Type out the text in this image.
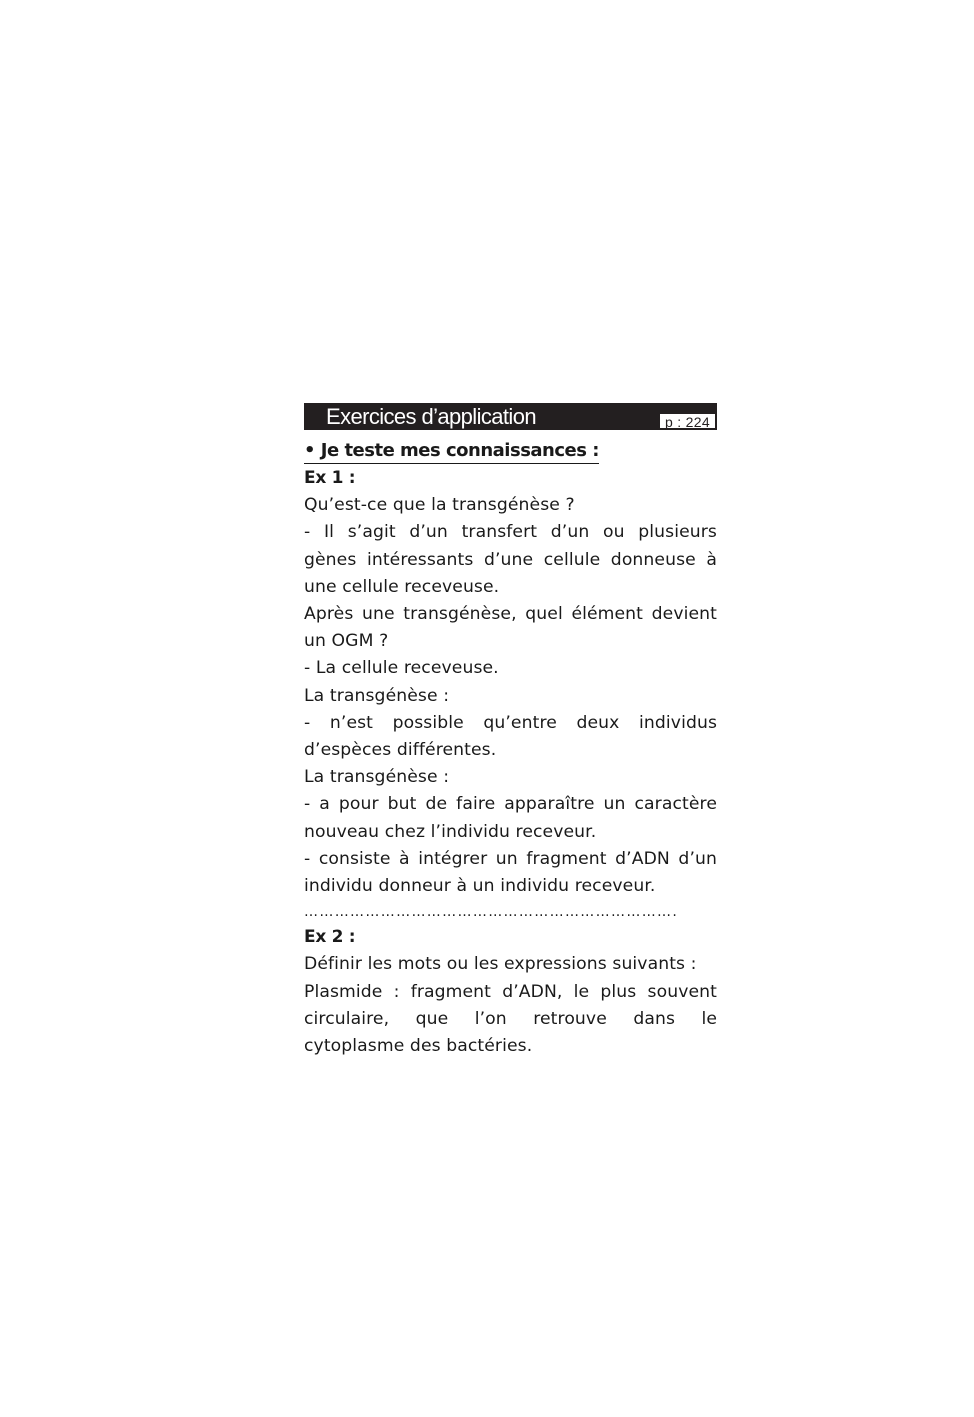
Exercices d’application	p : 224
• Je teste mes connaissances :
Ex 1 :

Qu’est-ce que la transgénèse ?

- Il s’agit d’un transfert d’un ou plusieurs gènes intéressants d’une cellule donneuse à une cellule receveuse.

Après une transgénèse, quel élément devient un OGM ?

- La cellule receveuse.

La transgénèse :

- n’est possible qu’entre deux individus d’espèces différentes.

La transgénèse :

- a pour but de faire apparaître un caractère nouveau chez l’individu receveur.

- consiste à intégrer un fragment d’ADN d’un individu donneur à un individu receveur.

……………………………………………………………….
Ex 2 :

Définir les mots ou les expressions suivants :

Plasmide : fragment d’ADN, le plus souvent circulaire, que l’on retrouve dans le cytoplasme des bactéries.
